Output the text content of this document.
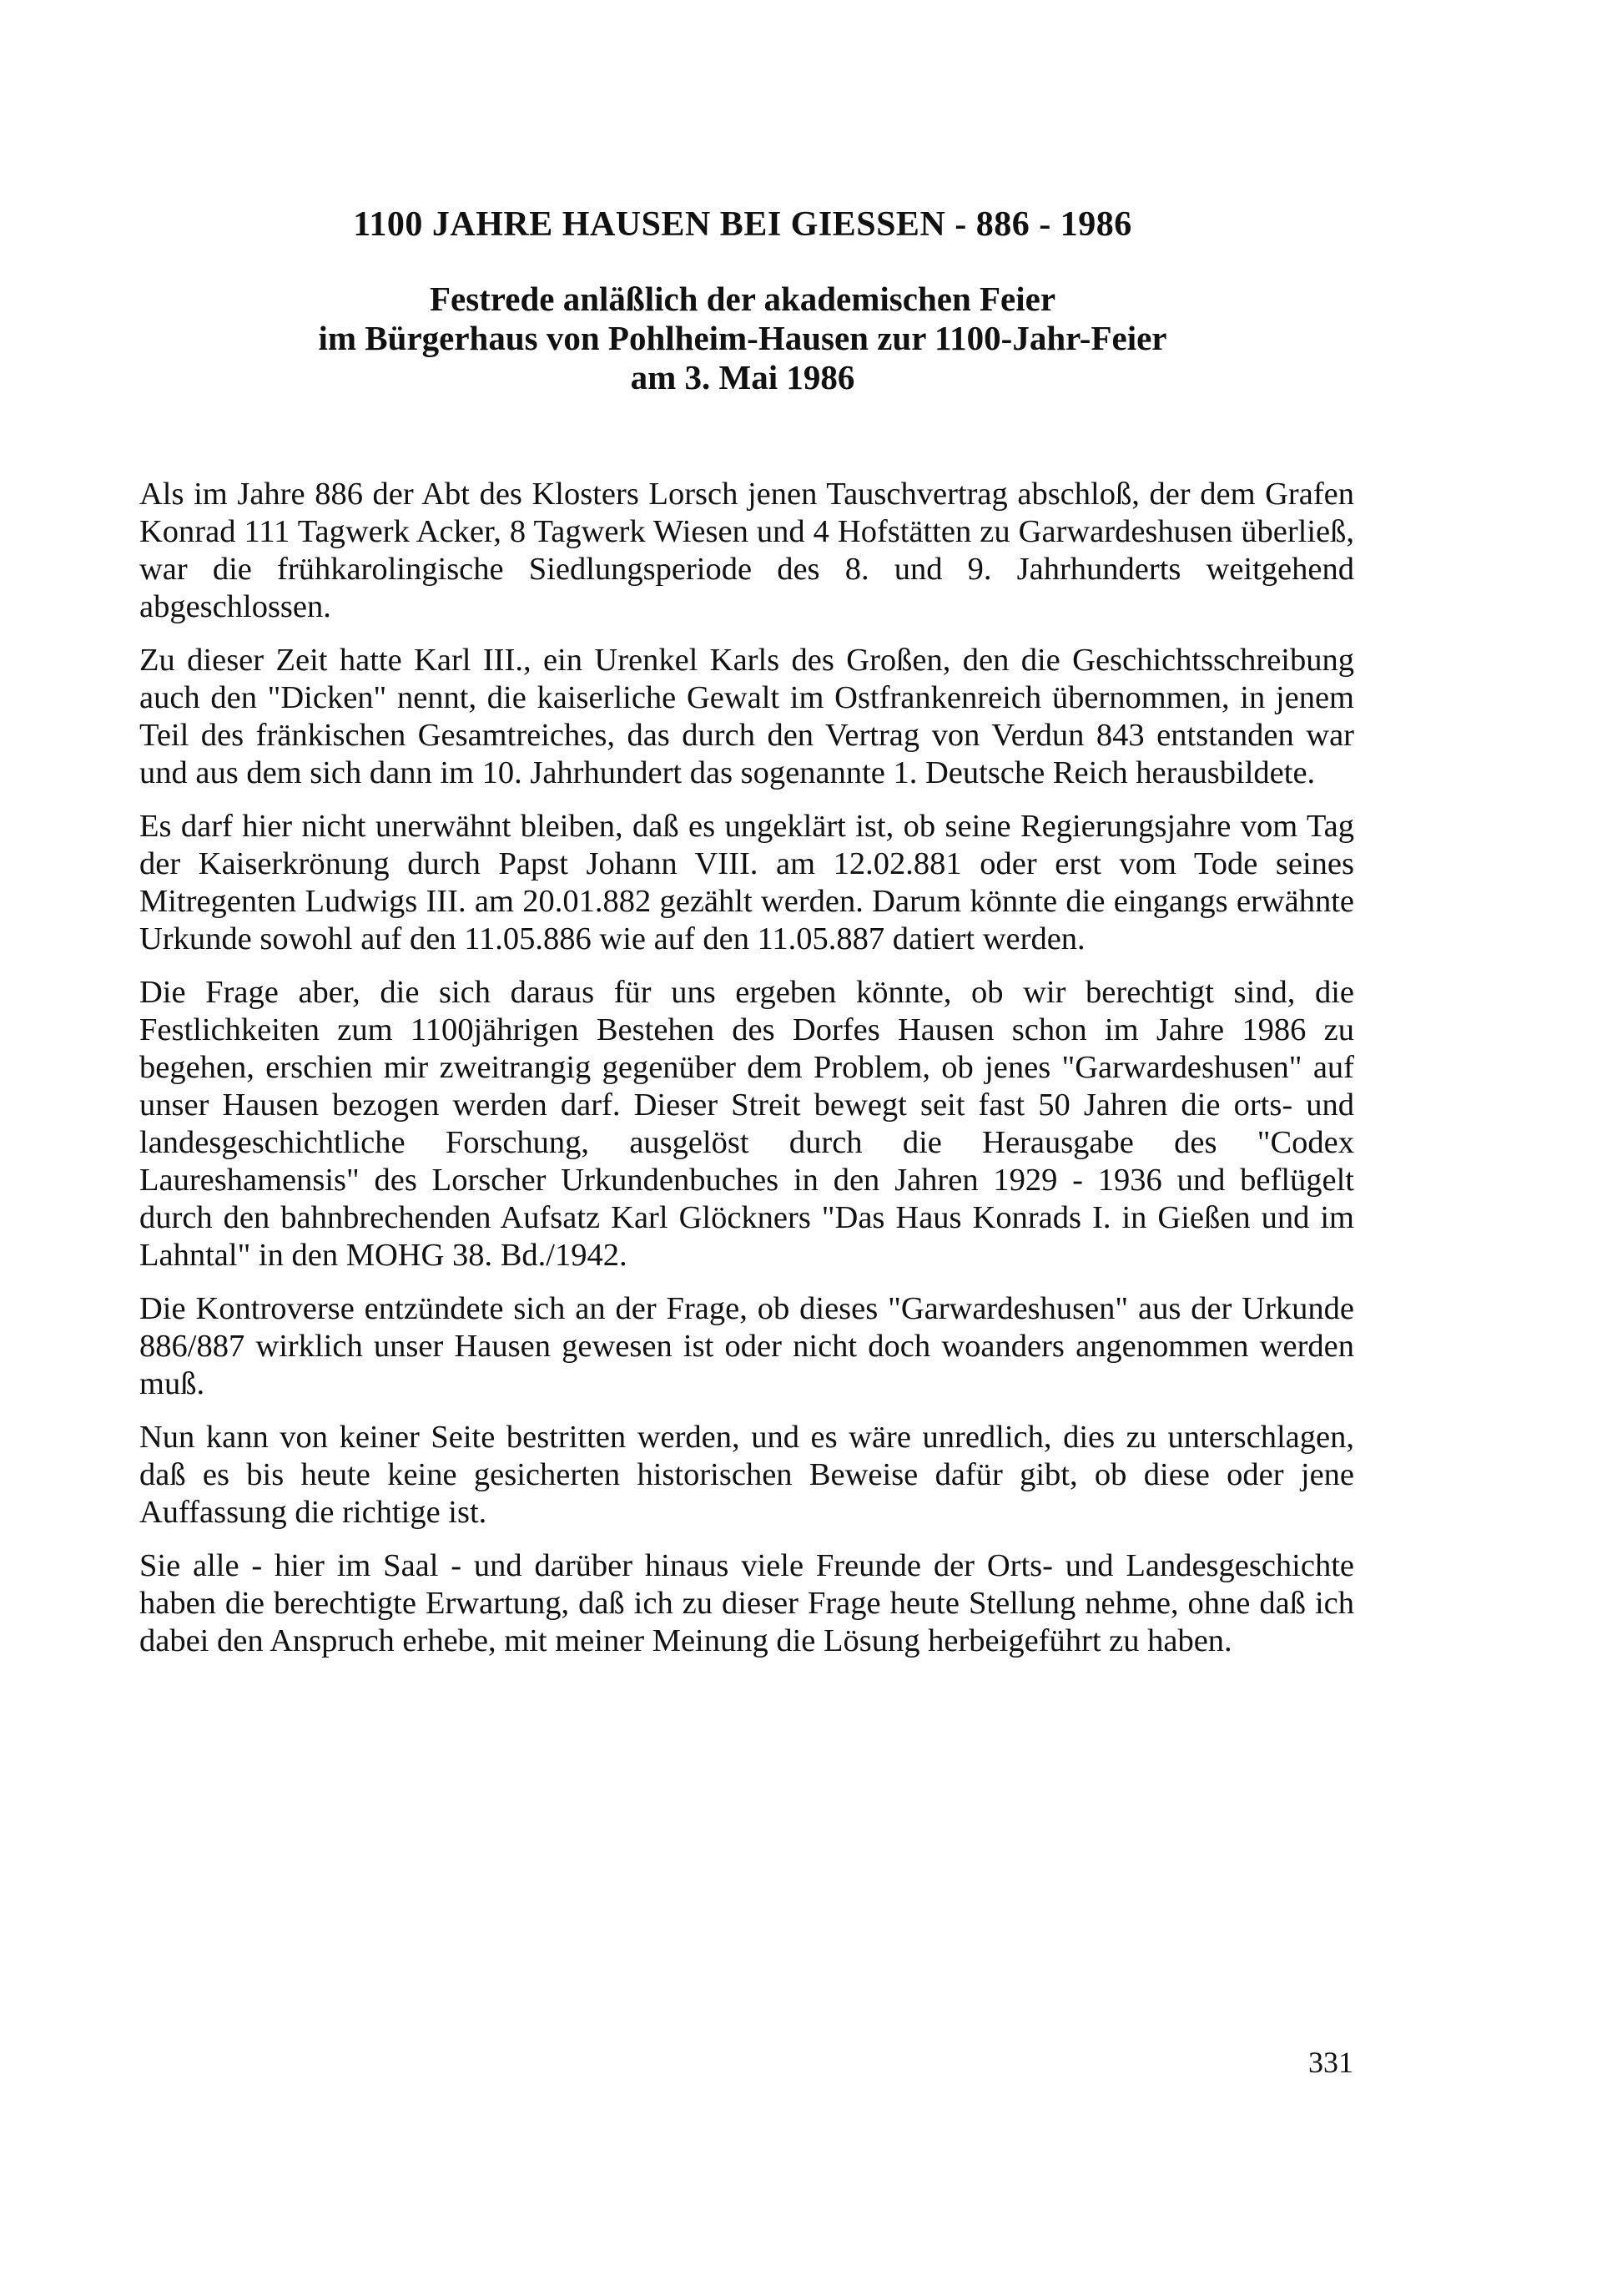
1100 JAHRE HAUSEN BEI GIESSEN - 886 - 1986
Festrede anläßlich der akademischen Feier
im Bürgerhaus von Pohlheim-Hausen zur 1100-Jahr-Feier
am 3. Mai 1986

Als im Jahre 886 der Abt des Klosters Lorsch jenen Tauschvertrag abschloß, der dem Grafen Konrad 111 Tagwerk Acker, 8 Tagwerk Wiesen und 4 Hofstätten zu Garwardeshusen überließ, war die frühkarolingische Siedlungsperiode des 8. und 9. Jahrhunderts weitgehend abgeschlossen.

Zu dieser Zeit hatte Karl III., ein Urenkel Karls des Großen, den die Geschichtsschreibung auch den "Dicken" nennt, die kaiserliche Gewalt im Ostfrankenreich übernommen, in jenem Teil des fränkischen Gesamtreiches, das durch den Vertrag von Verdun 843 entstanden war und aus dem sich dann im 10. Jahrhundert das sogenannte 1. Deutsche Reich herausbildete.

Es darf hier nicht unerwähnt bleiben, daß es ungeklärt ist, ob seine Regierungsjahre vom Tag der Kaiserkrönung durch Papst Johann VIII. am 12.02.881 oder erst vom Tode seines Mitregenten Ludwigs III. am 20.01.882 gezählt werden. Darum könnte die eingangs erwähnte Urkunde sowohl auf den 11.05.886 wie auf den 11.05.887 datiert werden.

Die Frage aber, die sich daraus für uns ergeben könnte, ob wir berechtigt sind, die Festlichkeiten zum 1100jährigen Bestehen des Dorfes Hausen schon im Jahre 1986 zu begehen, erschien mir zweitrangig gegenüber dem Problem, ob jenes "Garwardeshusen" auf unser Hausen bezogen werden darf. Dieser Streit bewegt seit fast 50 Jahren die orts- und landesgeschichtliche Forschung, ausgelöst durch die Herausgabe des "Codex Laureshamensis" des Lorscher Urkundenbuches in den Jahren 1929 - 1936 und beflügelt durch den bahnbrechenden Aufsatz Karl Glöckners "Das Haus Konrads I. in Gießen und im Lahntal" in den MOHG 38. Bd./1942.

Die Kontroverse entzündete sich an der Frage, ob dieses "Garwardeshusen" aus der Urkunde 886/887 wirklich unser Hausen gewesen ist oder nicht doch woanders angenommen werden muß.

Nun kann von keiner Seite bestritten werden, und es wäre unredlich, dies zu unterschlagen, daß es bis heute keine gesicherten historischen Beweise dafür gibt, ob diese oder jene Auffassung die richtige ist.

Sie alle - hier im Saal - und darüber hinaus viele Freunde der Orts- und Landesgeschichte haben die berechtigte Erwartung, daß ich zu dieser Frage heute Stellung nehme, ohne daß ich dabei den Anspruch erhebe, mit meiner Meinung die Lösung herbeigeführt zu haben.

331
